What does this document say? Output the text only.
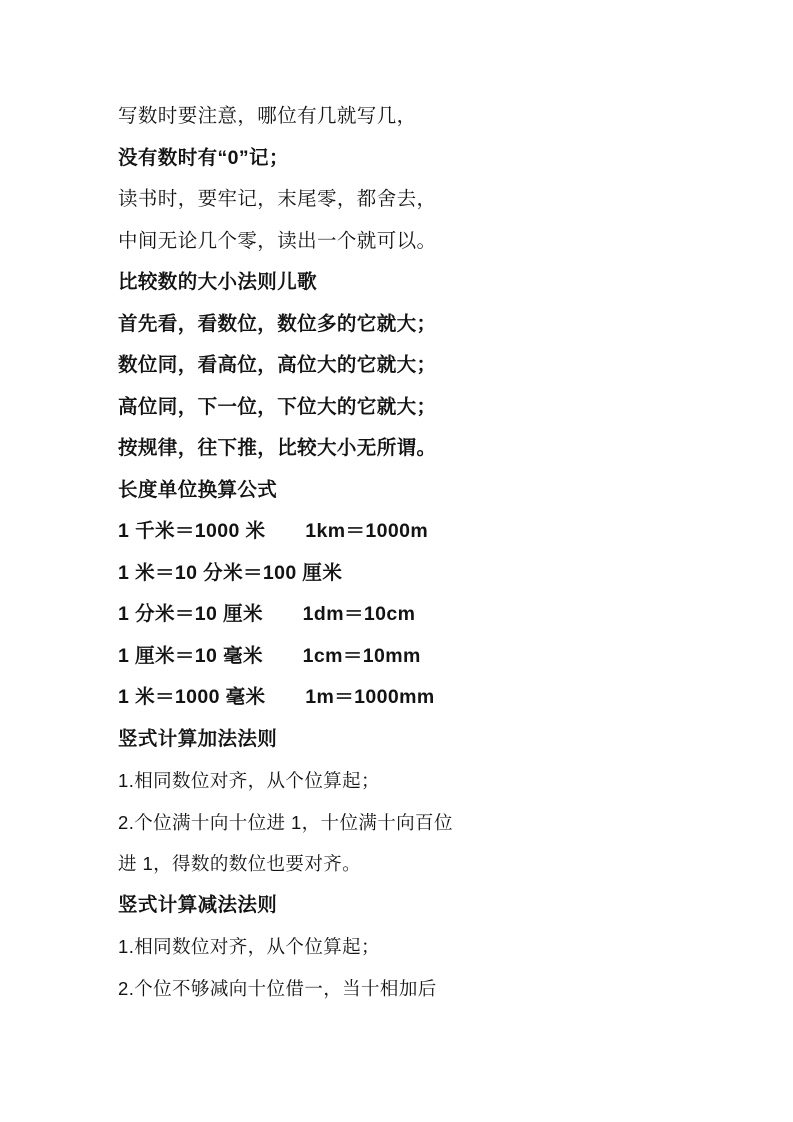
写数时要注意，哪位有几就写几，
没有数时有“0”记；
读书时，要牢记，末尾零，都舍去，
中间无论几个零，读出一个就可以。
比较数的大小法则儿歌
首先看，看数位，数位多的它就大；
数位同，看高位，高位大的它就大；
高位同，下一位，下位大的它就大；
按规律，往下推，比较大小无所谓。
长度单位换算公式
1 千米＝1000 米　　1km＝1000m
1 米＝10 分米＝100 厘米
1 分米＝10 厘米　　1dm＝10cm
1 厘米＝10 毫米　　1cm＝10mm
1 米＝1000 毫米　　1m＝1000mm
竖式计算加法法则
1.相同数位对齐，从个位算起；
2.个位满十向十位进 1，十位满十向百位
进 1，得数的数位也要对齐。
竖式计算减法法则
1.相同数位对齐，从个位算起；
2.个位不够减向十位借一，当十相加后
